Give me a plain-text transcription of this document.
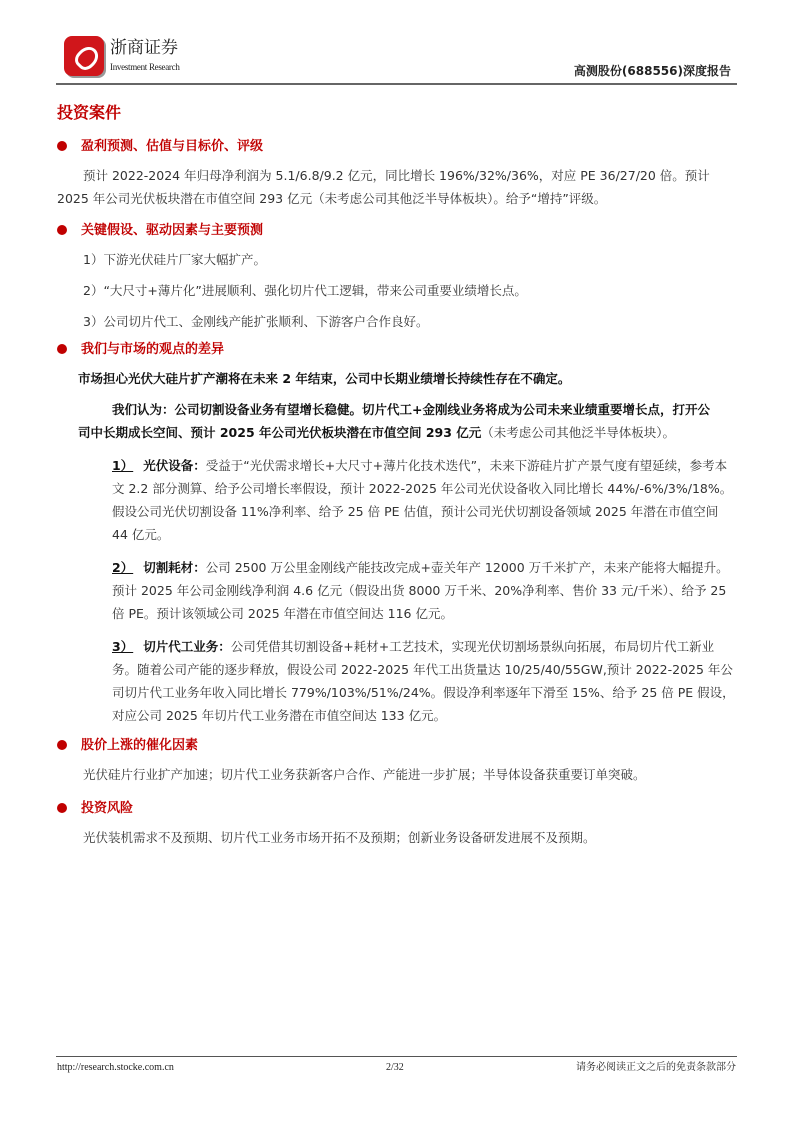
浙商证券
Investment Research	高测股份(688556)深度报告
投资案件
盈利预测、估值与目标价、评级
预计 2022-2024 年归母净利润为 5.1/6.8/9.2 亿元，同比增长 196%/32%/36%，对应 PE 36/27/20 倍。预计 2025 年公司光伏板块潜在市值空间 293 亿元（未考虑公司其他泛半导体板块）。给予“增持”评级。
关键假设、驱动因素与主要预测
1）下游光伏硅片厂家大幅扩产。
2）“大尺寸+薄片化”进展顺利、强化切片代工逻辑，带来公司重要业绩增长点。
3）公司切片代工、金刚线产能扩张顺利、下游客户合作良好。
我们与市场的观点的差异
市场担心光伏大硅片扩产潮将在未来 2 年结束，公司中长期业绩增长持续性存在不确定。
我们认为：公司切割设备业务有望增长稳健。切片代工+金刚线业务将成为公司未来业绩重要增长点，打开公司中长期成长空间、预计 2025 年公司光伏板块潜在市值空间 293 亿元（未考虑公司其他泛半导体板块）。
1） 光伏设备：受益于“光伏需求增长+大尺寸+薄片化技术迭代”，未来下游硅片扩产景气度有望延续，参考本文 2.2 部分测算、给予公司增长率假设，预计 2022-2025 年公司光伏设备收入同比增长 44%/-6%/3%/18%。假设公司光伏切割设备 11%净利率、给予 25 倍 PE 估值，预计公司光伏切割设备领域 2025 年潜在市值空间 44 亿元。
2） 切割耗材：公司 2500 万公里金刚线产能技改完成+壶关年产 12000 万千米扩产，未来产能将大幅提升。预计 2025 年公司金刚线净利润 4.6 亿元（假设出货 8000 万千米、20%净利率、售价 33 元/千米）、给予 25 倍 PE。预计该领域公司 2025 年潜在市值空间达 116 亿元。
3） 切片代工业务：公司凭借其切割设备+耗材+工艺技术，实现光伏切割场景纵向拓展，布局切片代工新业务。随着公司产能的逐步释放，假设公司 2022-2025 年代工出货量达 10/25/40/55GW,预计 2022-2025 年公司切片代工业务年收入同比增长 779%/103%/51%/24%。假设净利率逐年下滑至 15%、给予 25 倍 PE 假设，对应公司 2025 年切片代工业务潜在市值空间达 133 亿元。
股价上涨的催化因素
光伏硅片行业扩产加速；切片代工业务获新客户合作、产能进一步扩展；半导体设备获重要订单突破。
投资风险
光伏装机需求不及预期、切片代工业务市场开拓不及预期；创新业务设备研发进展不及预期。
http://research.stocke.com.cn	2/32	请务必阅读正文之后的免责条款部分
